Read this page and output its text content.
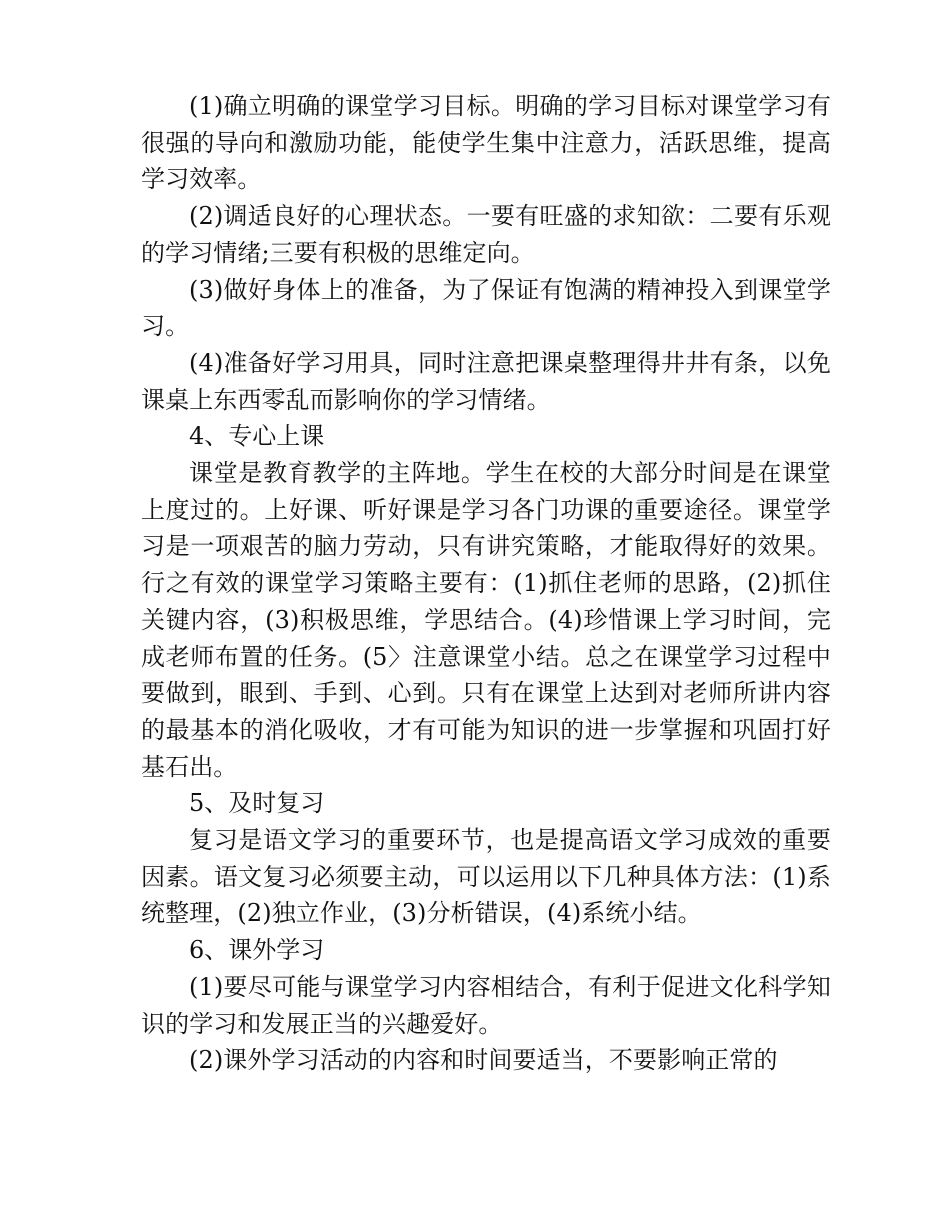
(1)确立明确的课堂学习目标。明确的学习目标对课堂学习有很强的导向和激励功能，能使学生集中注意力，活跃思维，提高学习效率。

(2)调适良好的心理状态。一要有旺盛的求知欲：二要有乐观的学习情绪;三要有积极的思维定向。

(3)做好身体上的准备，为了保证有饱满的精神投入到课堂学习。

(4)准备好学习用具，同时注意把课桌整理得井井有条，以免课桌上东西零乱而影响你的学习情绪。

4、专心上课

课堂是教育教学的主阵地。学生在校的大部分时间是在课堂上度过的。上好课、听好课是学习各门功课的重要途径。课堂学习是一项艰苦的脑力劳动，只有讲究策略，才能取得好的效果。行之有效的课堂学习策略主要有：(1)抓住老师的思路，(2)抓住关键内容，(3)积极思维，学思结合。(4)珍惜课上学习时间，完成老师布置的任务。(5〉注意课堂小结。总之在课堂学习过程中要做到，眼到、手到、心到。只有在课堂上达到对老师所讲内容的最基本的消化吸收，才有可能为知识的进一步掌握和巩固打好基石出。

5、及时复习

复习是语文学习的重要环节，也是提高语文学习成效的重要因素。语文复习必须要主动，可以运用以下几种具体方法：(1)系统整理，(2)独立作业，(3)分析错误，(4)系统小结。

6、课外学习

(1)要尽可能与课堂学习内容相结合，有利于促进文化科学知识的学习和发展正当的兴趣爱好。

(2)课外学习活动的内容和时间要适当，不要影响正常的
